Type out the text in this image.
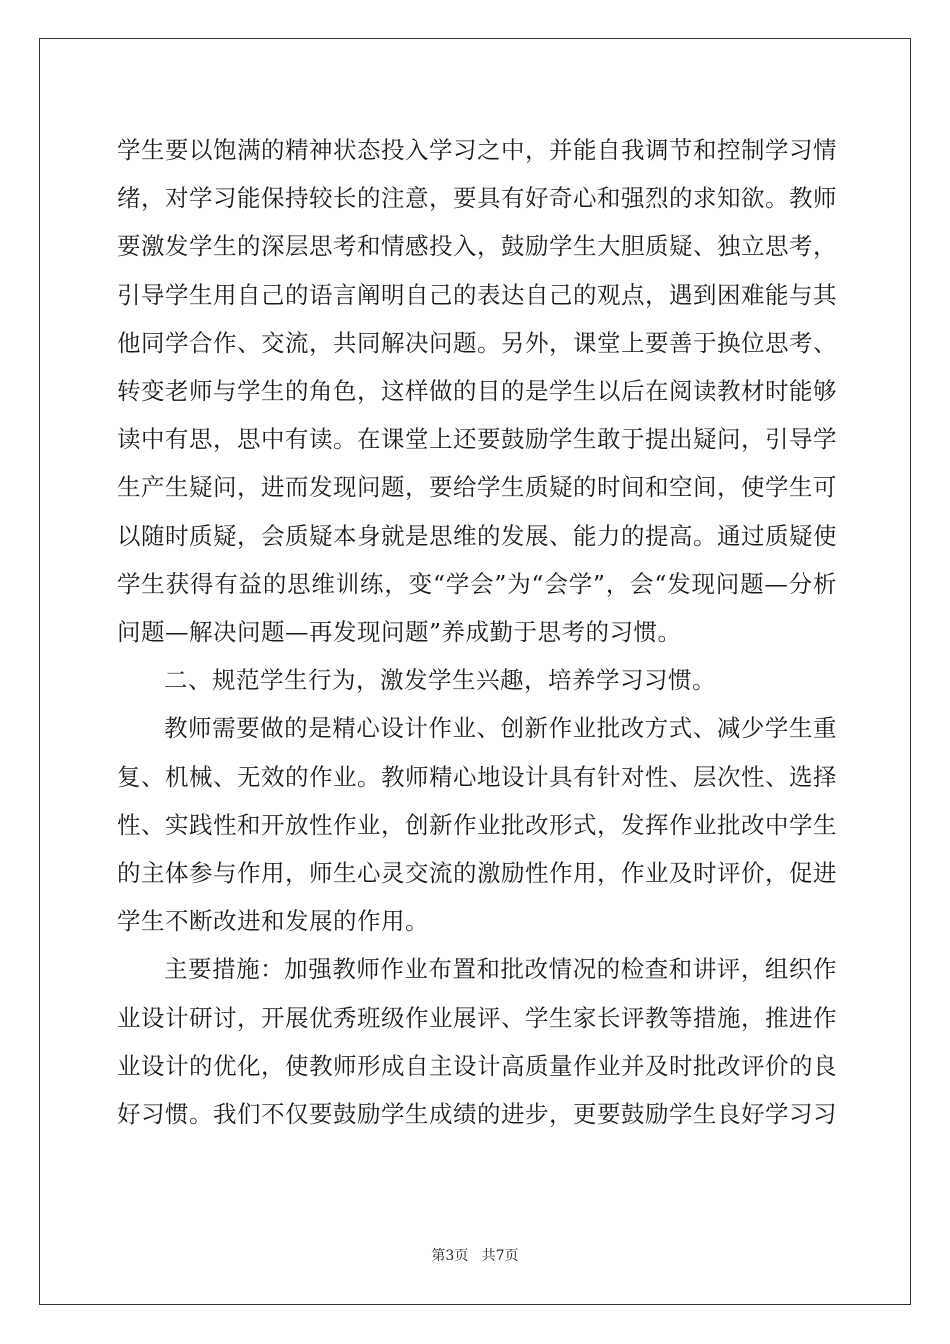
学生要以饱满的精神状态投入学习之中，并能自我调节和控制学习情绪，对学习能保持较长的注意，要具有好奇心和强烈的求知欲。教师要激发学生的深层思考和情感投入，鼓励学生大胆质疑、独立思考，引导学生用自己的语言阐明自己的表达自己的观点，遇到困难能与其他同学合作、交流，共同解决问题。另外，课堂上要善于换位思考、转变老师与学生的角色，这样做的目的是学生以后在阅读教材时能够读中有思，思中有读。在课堂上还要鼓励学生敢于提出疑问，引导学生产生疑问，进而发现问题，要给学生质疑的时间和空间，使学生可以随时质疑，会质疑本身就是思维的发展、能力的提高。通过质疑使学生获得有益的思维训练，变“学会”为“会学”，会“发现问题—分析问题—解决问题—再发现问题”养成勤于思考的习惯。

二、规范学生行为，激发学生兴趣，培养学习习惯。

教师需要做的是精心设计作业、创新作业批改方式、减少学生重复、机械、无效的作业。教师精心地设计具有针对性、层次性、选择性、实践性和开放性作业，创新作业批改形式，发挥作业批改中学生的主体参与作用，师生心灵交流的激励性作用，作业及时评价，促进学生不断改进和发展的作用。

主要措施：加强教师作业布置和批改情况的检查和讲评，组织作业设计研讨，开展优秀班级作业展评、学生家长评教等措施，推进作业设计的优化，使教师形成自主设计高质量作业并及时批改评价的良好习惯。我们不仅要鼓励学生成绩的进步，更要鼓励学生良好学习习

第3页   共7页
